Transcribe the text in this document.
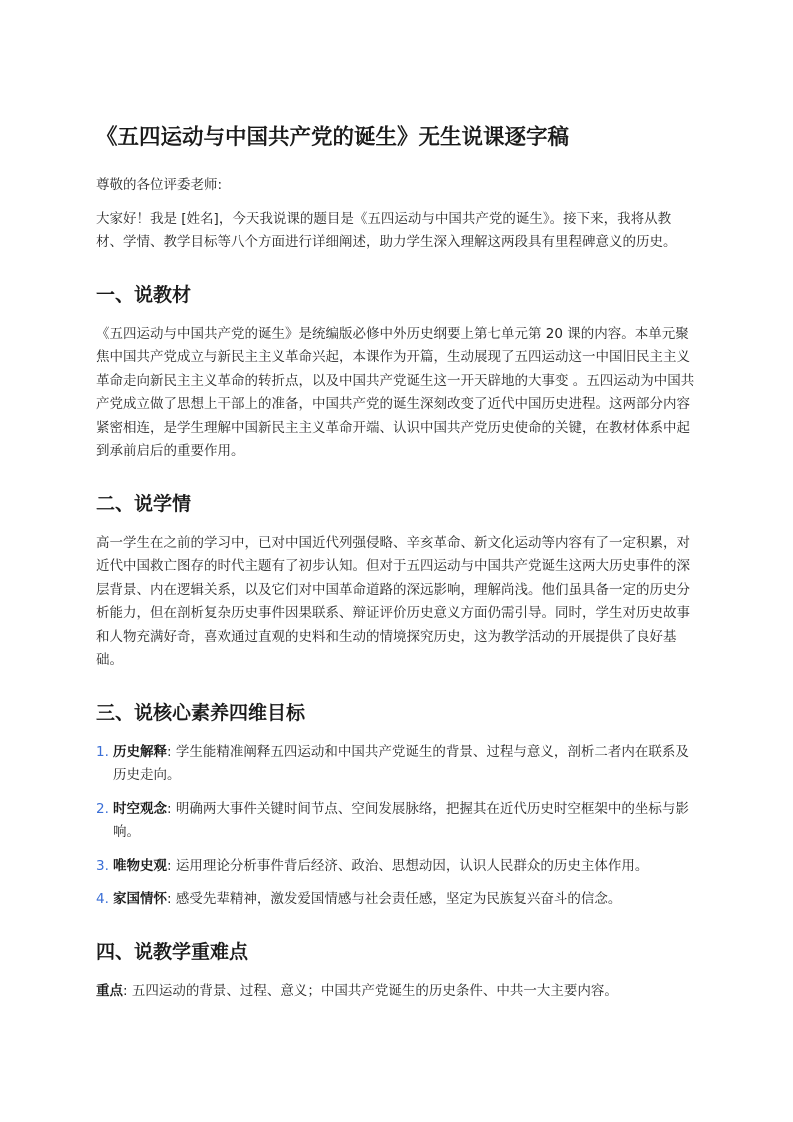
《五四运动与中国共产党的诞生》无生说课逐字稿

尊敬的各位评委老师:

大家好！我是 [姓名]，今天我说课的题目是《五四运动与中国共产党的诞生》。接下来，我将从教材、学情、教学目标等八个方面进行详细阐述，助力学生深入理解这两段具有里程碑意义的历史。

一、说教材

《五四运动与中国共产党的诞生》是统编版必修中外历史纲要上第七单元第 20 课的内容。本单元聚焦中国共产党成立与新民主主义革命兴起，本课作为开篇，生动展现了五四运动这一中国旧民主主义革命走向新民主主义革命的转折点，以及中国共产党诞生这一开天辟地的大事变 。五四运动为中国共产党成立做了思想上干部上的准备，中国共产党的诞生深刻改变了近代中国历史进程。这两部分内容紧密相连，是学生理解中国新民主主义革命开端、认识中国共产党历史使命的关键，在教材体系中起到承前启后的重要作用。

二、说学情

高一学生在之前的学习中，已对中国近代列强侵略、辛亥革命、新文化运动等内容有了一定积累，对近代中国救亡图存的时代主题有了初步认知。但对于五四运动与中国共产党诞生这两大历史事件的深层背景、内在逻辑关系，以及它们对中国革命道路的深远影响，理解尚浅。他们虽具备一定的历史分析能力，但在剖析复杂历史事件因果联系、辩证评价历史意义方面仍需引导。同时，学生对历史故事和人物充满好奇，喜欢通过直观的史料和生动的情境探究历史，这为教学活动的开展提供了良好基础。

三、说核心素养四维目标
1. 历史解释: 学生能精准阐释五四运动和中国共产党诞生的背景、过程与意义，剖析二者内在联系及历史走向。
2. 时空观念: 明确两大事件关键时间节点、空间发展脉络，把握其在近代历史时空框架中的坐标与影响。
3. 唯物史观: 运用理论分析事件背后经济、政治、思想动因，认识人民群众的历史主体作用。
4. 家国情怀: 感受先辈精神，激发爱国情感与社会责任感，坚定为民族复兴奋斗的信念。
四、说教学重难点

重点: 五四运动的背景、过程、意义；中国共产党诞生的历史条件、中共一大主要内容。
